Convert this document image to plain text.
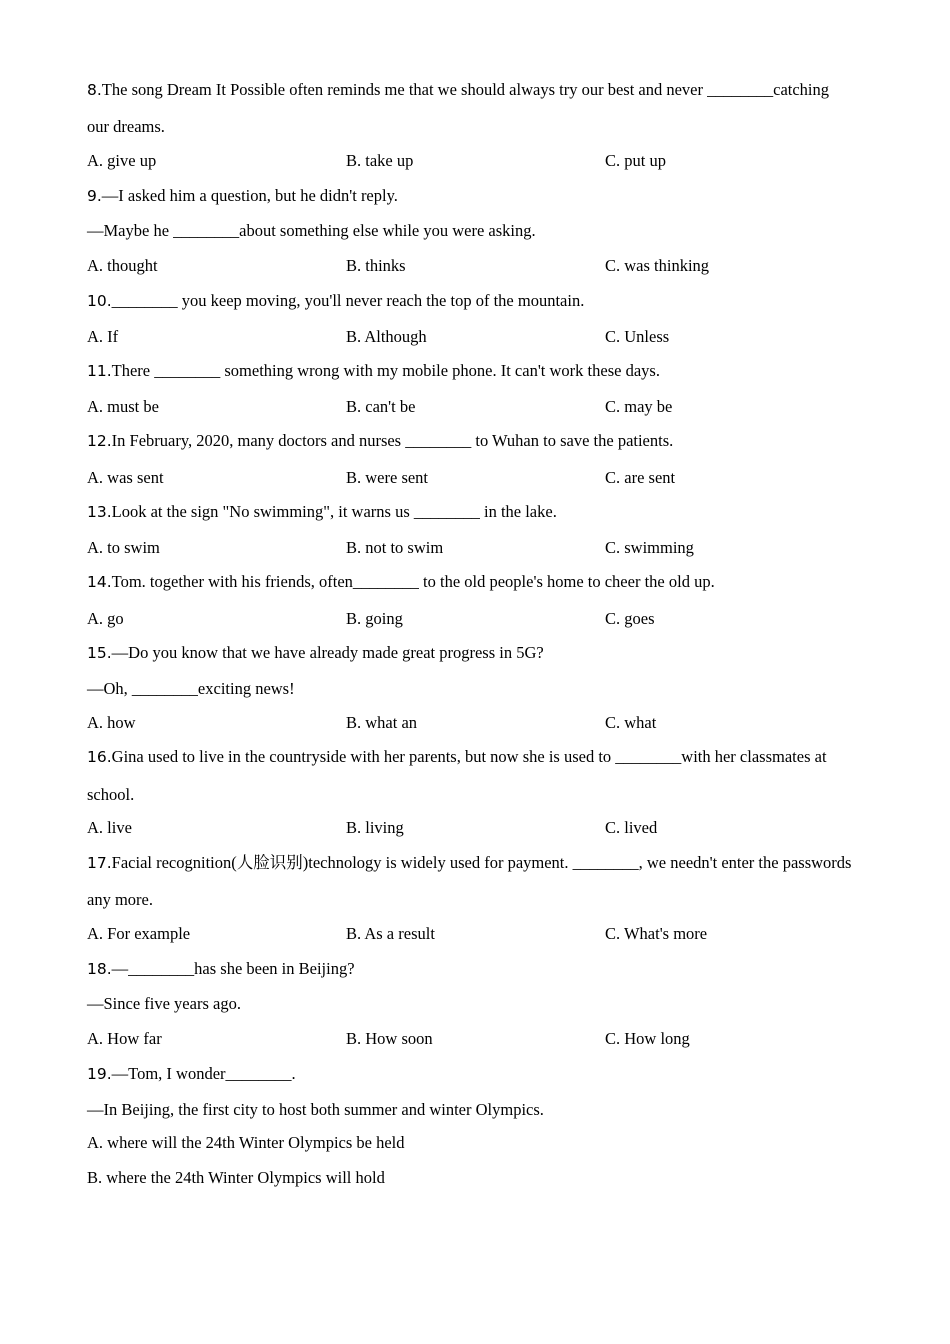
8.The song Dream It Possible often reminds me that we should always try our best and never ________catching
our dreams.
A. give up	B. take up	C. put up
9.—I asked him a question, but he didn't reply.
—Maybe he ________about something else while you were asking.
A. thought	B. thinks	C. was thinking
10.________ you keep moving, you'll never reach the top of the mountain.
A. If	B. Although	C. Unless
11.There ________ something wrong with my mobile phone. It can't work these days.
A. must be	B. can't be	C. may be
12.In February, 2020, many doctors and nurses ________ to Wuhan to save the patients.
A. was sent	B. were sent	C. are sent
13.Look at the sign "No swimming", it warns us ________ in the lake.
A. to swim	B. not to swim	C. swimming
14.Tom. together with his friends, often________ to the old people's home to cheer the old up.
A. go	B. going	C. goes
15.—Do you know that we have already made great progress in 5G?
—Oh, ________exciting news!
A. how	B. what an	C. what
16.Gina used to live in the countryside with her parents, but now she is used to ________with her classmates at
school.
A. live	B. living	C. lived
17.Facial recognition(人脸识别)technology is widely used for payment. ________, we needn't enter the passwords
any more.
A. For example	B. As a result	C. What's more
18.—________has she been in Beijing?
—Since five years ago.
A. How far	B. How soon	C. How long
19.—Tom, I wonder________.
—In Beijing, the first city to host both summer and winter Olympics.
A. where will the 24th Winter Olympics be held
B. where the 24th Winter Olympics will hold
